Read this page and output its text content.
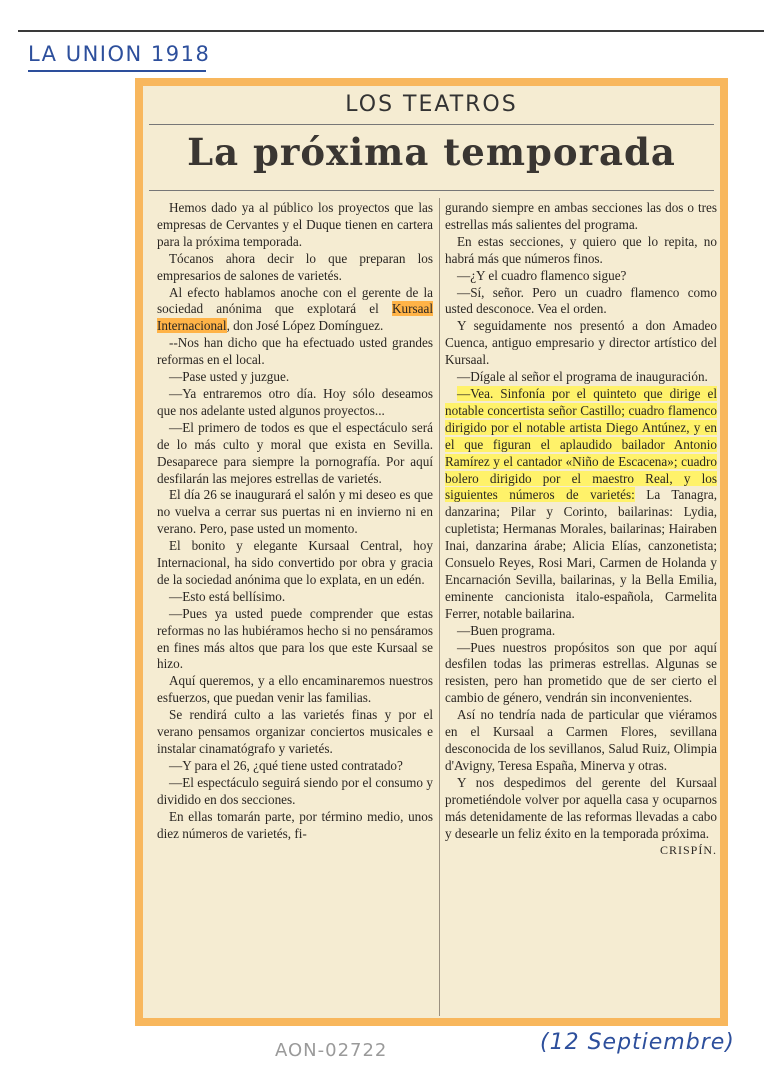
LA UNION 1918
LOS TEATROS
La próxima temporada

Hemos dado ya al público los proyectos que las empresas de Cervantes y el Duque tienen en cartera para la próxima temporada.

Tócanos ahora decir lo que preparan los empresarios de salones de varietés.

Al efecto hablamos anoche con el gerente de la sociedad anónima que explotará el Kursaal Internacional, don José López Domínguez.

--Nos han dicho que ha efectuado usted grandes reformas en el local.

—Pase usted y juzgue.

—Ya entraremos otro día. Hoy sólo deseamos que nos adelante usted algunos proyectos...

—El primero de todos es que el espectáculo será de lo más culto y moral que exista en Sevilla. Desaparece para siempre la pornografía. Por aquí desfilarán las mejores estrellas de varietés.

El día 26 se inaugurará el salón y mi deseo es que no vuelva a cerrar sus puertas ni en invierno ni en verano. Pero, pase usted un momento.

El bonito y elegante Kursaal Central, hoy Internacional, ha sido convertido por obra y gracia de la sociedad anónima que lo explata, en un edén.

—Esto está bellísimo.

—Pues ya usted puede comprender que estas reformas no las hubiéramos hecho si no pensáramos en fines más altos que para los que este Kursaal se hizo.

Aquí queremos, y a ello encaminaremos nuestros esfuerzos, que puedan venir las familias.

Se rendirá culto a las varietés finas y por el verano pensamos organizar conciertos musicales e instalar cinamatógrafo y varietés.

—Y para el 26, ¿qué tiene usted contratado?

—El espectáculo seguirá siendo por el consumo y dividido en dos secciones.

En ellas tomarán parte, por término medio, unos diez números de varietés, fi-

gurando siempre en ambas secciones las dos o tres estrellas más salientes del programa.

En estas secciones, y quiero que lo repita, no habrá más que números finos.

—¿Y el cuadro flamenco sigue?

—Sí, señor. Pero un cuadro flamenco como usted desconoce. Vea el orden.

Y seguidamente nos presentó a don Amadeo Cuenca, antiguo empresario y director artístico del Kursaal.

—Dígale al señor el programa de inauguración.

—Vea. Sinfonía por el quinteto que dirige el notable concertista señor Castillo; cuadro flamenco dirigido por el notable artista Diego Antúnez, y en el que figuran el aplaudido bailador Antonio Ramírez y el cantador «Niño de Escacena»; cuadro bolero dirigido por el maestro Real, y los siguientes números de varietés: La Tanagra, danzarina; Pilar y Corinto, bailarinas: Lydia, cupletista; Hermanas Morales, bailarinas; Hairaben Inai, danzarina árabe; Alicia Elías, canzonetista; Consuelo Reyes, Rosi Mari, Carmen de Holanda y Encarnación Sevilla, bailarinas, y la Bella Emilia, eminente cancionista italo-española, Carmelita Ferrer, notable bailarina.

—Buen programa.

—Pues nuestros propósitos son que por aquí desfilen todas las primeras estrellas. Algunas se resisten, pero han prometido que de ser cierto el cambio de género, vendrán sin inconvenientes.

Así no tendría nada de particular que viéramos en el Kursaal a Carmen Flores, sevillana desconocida de los sevillanos, Salud Ruiz, Olimpia d'Avigny, Teresa España, Minerva y otras.

Y nos despedimos del gerente del Kursaal prometiéndole volver por aquella casa y ocuparnos más detenidamente de las reformas llevadas a cabo y desearle un feliz éxito en la temporada próxima.

CRISPÍN.
AON-02722	(12 Septiembre)
